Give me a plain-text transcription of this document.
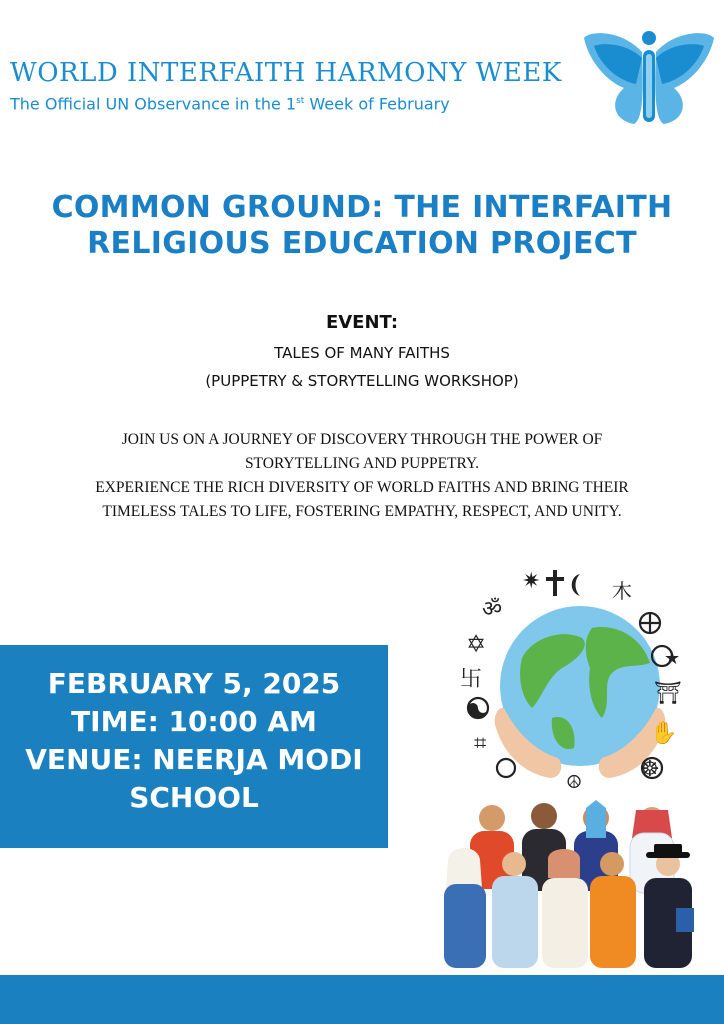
WORLD INTERFAITH HARMONY WEEK
The Official UN Observance in the 1st Week of February
COMMON GROUND: THE INTERFAITH
RELIGIOUS EDUCATION PROJECT
EVENT:
TALES OF MANY FAITHS
(PUPPETRY & STORYTELLING WORKSHOP)
JOIN US ON A JOURNEY OF DISCOVERY THROUGH THE POWER OF
STORYTELLING AND PUPPETRY.
EXPERIENCE THE RICH DIVERSITY OF WORLD FAITHS AND BRING THEIR
TIMELESS TALES TO LIFE, FOSTERING EMPATHY, RESPECT, AND UNITY.
FEBRUARY 5, 2025
TIME: 10:00 AM
VENUE: NEERJA MODI
SCHOOL
✷	木
ॐ
✡
卐
★
⛩
✋
⌗
☸
☮
